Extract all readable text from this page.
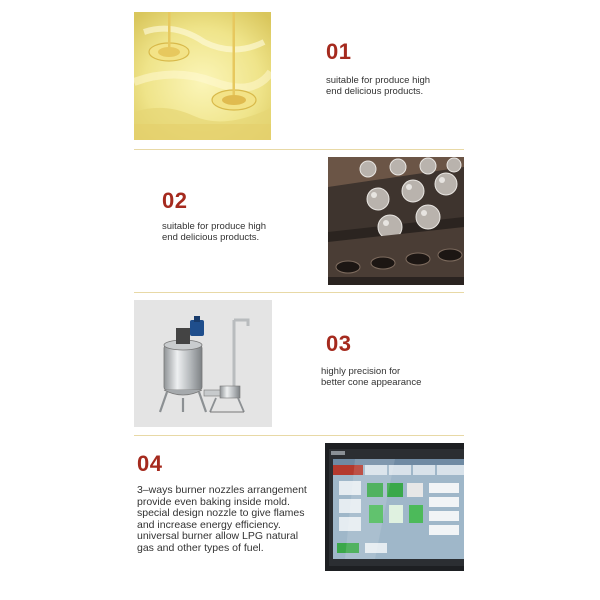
01
suitable for produce high
end delicious products.
02
suitable for produce high
end delicious products.
03
highly precision for
better cone appearance
04
3–ways burner nozzles arrangement
provide even baking inside mold.
special design nozzle to give flames
and increase energy efficiency.
universal burner allow LPG natural
gas and other types of fuel.
